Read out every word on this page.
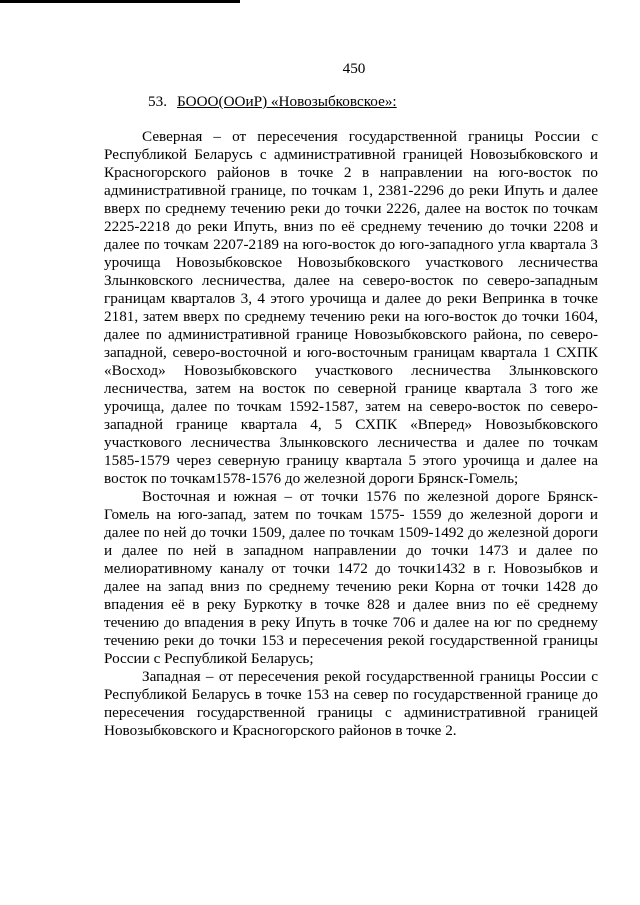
450
53. БООО(ООиР) «Новозыбковское»:

Северная – от пересечения государственной границы России с Республикой Беларусь с административной границей Новозыбковского и Красногорского районов в точке 2 в направлении на юго-восток по административной границе, по точкам 1, 2381-2296 до реки Ипуть и далее вверх по среднему течению реки до точки 2226, далее на восток по точкам 2225-2218 до реки Ипуть, вниз по её среднему течению до точки 2208 и далее по точкам 2207-2189 на юго-восток до юго-западного угла квартала 3 урочища Новозыбковское Новозыбковского участкового лесничества Злынковского лесничества, далее на северо-восток по северо-западным границам кварталов 3, 4 этого урочища и далее до реки Вепринка в точке 2181, затем вверх по среднему течению реки на юго-восток до точки 1604, далее по административной границе Новозыбковского района, по северо-западной, северо-восточной и юго-восточным границам квартала 1 СХПК «Восход» Новозыбковского участкового лесничества Злынковского лесничества, затем на восток по северной границе квартала 3 того же урочища, далее по точкам 1592-1587, затем на северо-восток по северо-западной границе квартала 4, 5 СХПК «Вперед» Новозыбковского участкового лесничества Злынковского лесничества и далее по точкам 1585-1579 через северную границу квартала 5 этого урочища и далее на восток по точкам1578-1576 до железной дороги Брянск-Гомель;

Восточная и южная – от точки 1576 по железной дороге Брянск-Гомель на юго-запад, затем по точкам 1575- 1559 до железной дороги и далее по ней до точки 1509, далее по точкам 1509-1492 до железной дороги и далее по ней в западном направлении до точки 1473 и далее по мелиоративному каналу от точки 1472 до точки1432 в г. Новозыбков и далее на запад вниз по среднему течению реки Корна от точки 1428 до впадения её в реку Буркотку в точке 828 и далее вниз по её среднему течению до впадения в реку Ипуть в точке 706 и далее на юг по среднему течению реки до точки 153 и пересечения рекой государственной границы России с Республикой Беларусь;

Западная – от пересечения рекой государственной границы России с Республикой Беларусь в точке 153 на север по государственной границе до пересечения государственной границы с административной границей Новозыбковского и Красногорского районов в точке 2.
